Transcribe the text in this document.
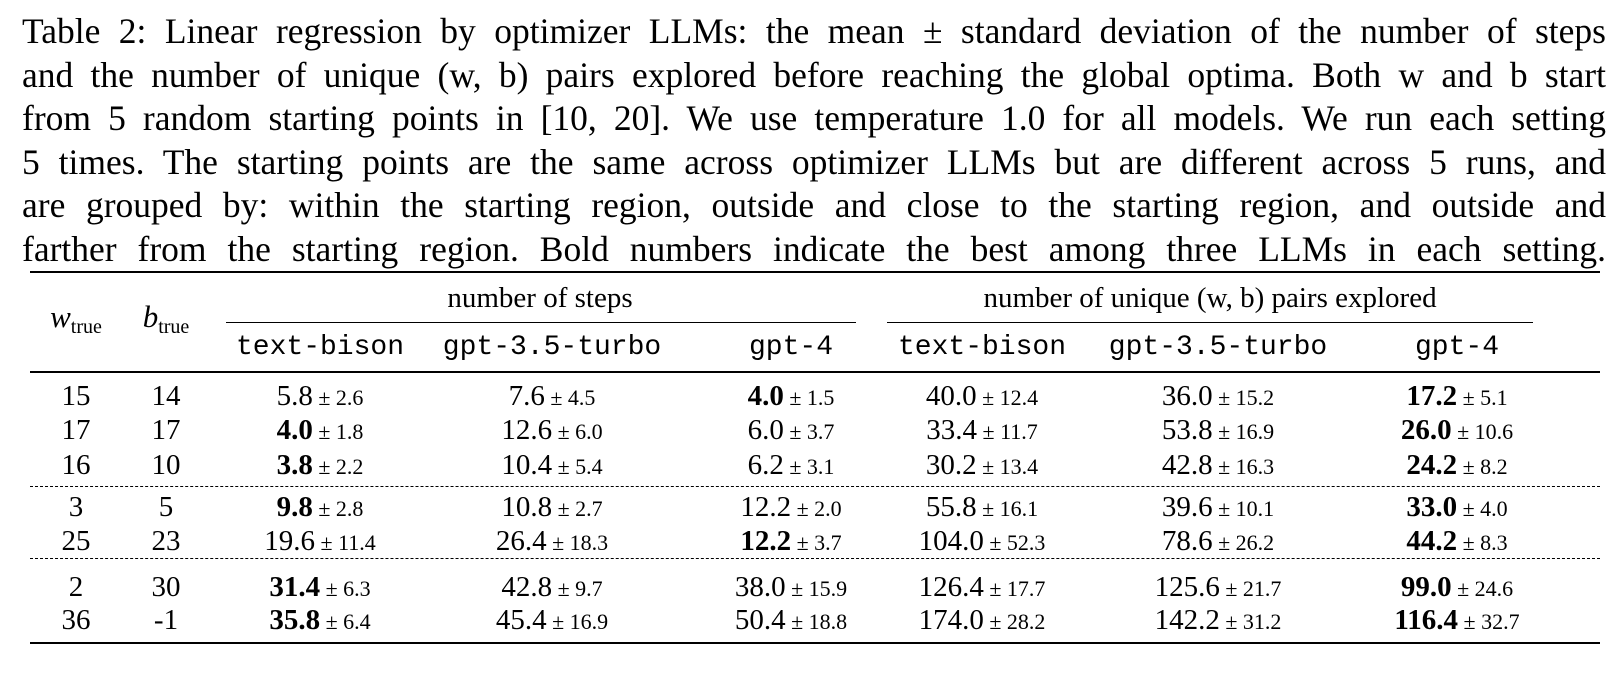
Table 2: Linear regression by optimizer LLMs: the mean ± standard deviation of the number of steps
and the number of unique (w, b) pairs explored before reaching the global optima. Both w and b start
from 5 random starting points in [10, 20]. We use temperature 1.0 for all models. We run each setting
5 times. The starting points are the same across optimizer LLMs but are different across 5 runs, and
are grouped by: within the starting region, outside and close to the starting region, and outside and
farther from the starting region. Bold numbers indicate the best among three LLMs in each setting.
$w_{true}$ $b_{true}$
number of steps	number of unique (w, b) pairs explored
text-bison gpt-3.5-turbo	gpt-4 text-bison gpt-3.5-turbo	gpt-4
15 14	5.8 ± 2.6	7.6 ± 4.5	4.0 ± 1.5	40.0 ± 12.4	36.0 ± 15.2	17.2 ± 5.1
17 17	4.0 ± 1.8	12.6 ± 6.0	6.0 ± 3.7	33.4 ± 11.7	53.8 ± 16.9	26.0 ± 10.6
16 10	3.8 ± 2.2	10.4 ± 5.4	6.2 ± 3.1	30.2 ± 13.4	42.8 ± 16.3	24.2 ± 8.2
3	5	9.8 ± 2.8	10.8 ± 2.7	12.2 ± 2.0	55.8 ± 16.1	39.6 ± 10.1	33.0 ± 4.0
25 23	19.6 ± 11.4	26.4 ± 18.3	12.2 ± 3.7	104.0 ± 52.3	78.6 ± 26.2	44.2 ± 8.3
2 30	31.4 ± 6.3	42.8 ± 9.7	38.0 ± 15.9 126.4 ± 17.7	125.6 ± 21.7	99.0 ± 24.6
36 -1	35.8 ± 6.4	45.4 ± 16.9	50.4 ± 18.8 174.0 ± 28.2	142.2 ± 31.2	116.4 ± 32.7
